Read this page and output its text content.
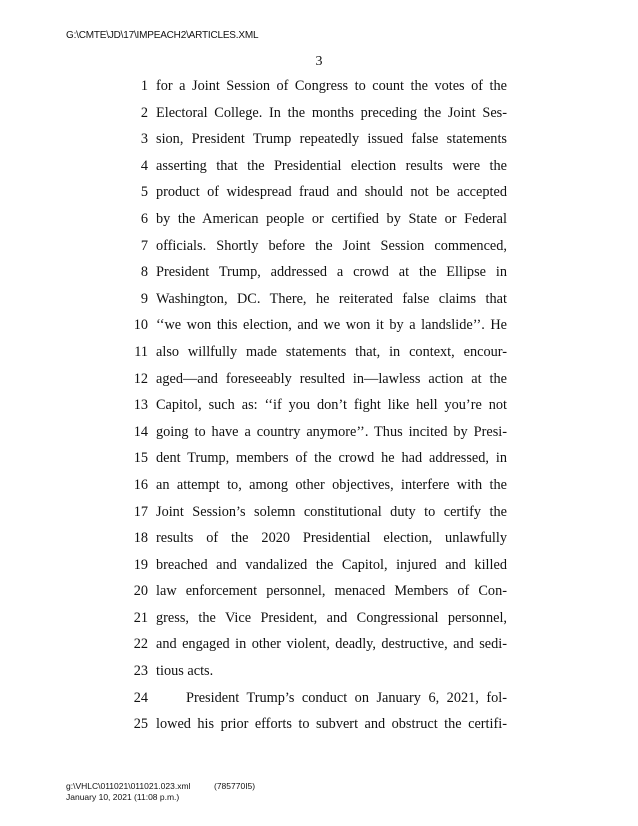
G:\CMTE\JD\17\IMPEACH2\ARTICLES.XML
3
1 for a Joint Session of Congress to count the votes of the
2 Electoral College. In the months preceding the Joint Ses-
3 sion, President Trump repeatedly issued false statements
4 asserting that the Presidential election results were the
5 product of widespread fraud and should not be accepted
6 by the American people or certified by State or Federal
7 officials. Shortly before the Joint Session commenced,
8 President Trump, addressed a crowd at the Ellipse in
9 Washington, DC. There, he reiterated false claims that
10 ‘‘we won this election, and we won it by a landslide’’. He
11 also willfully made statements that, in context, encour-
12 aged—and foreseeably resulted in—lawless action at the
13 Capitol, such as: ‘‘if you don’t fight like hell you’re not
14 going to have a country anymore’’. Thus incited by Presi-
15 dent Trump, members of the crowd he had addressed, in
16 an attempt to, among other objectives, interfere with the
17 Joint Session’s solemn constitutional duty to certify the
18 results of the 2020 Presidential election, unlawfully
19 breached and vandalized the Capitol, injured and killed
20 law enforcement personnel, menaced Members of Con-
21 gress, the Vice President, and Congressional personnel,
22 and engaged in other violent, deadly, destructive, and sedi-
23 tious acts.
24	President Trump’s conduct on January 6, 2021, fol-
25 lowed his prior efforts to subvert and obstruct the certifi-
g:\VHLC\011021\011021.023.xml	(785770I5)
January 10, 2021 (11:08 p.m.)
